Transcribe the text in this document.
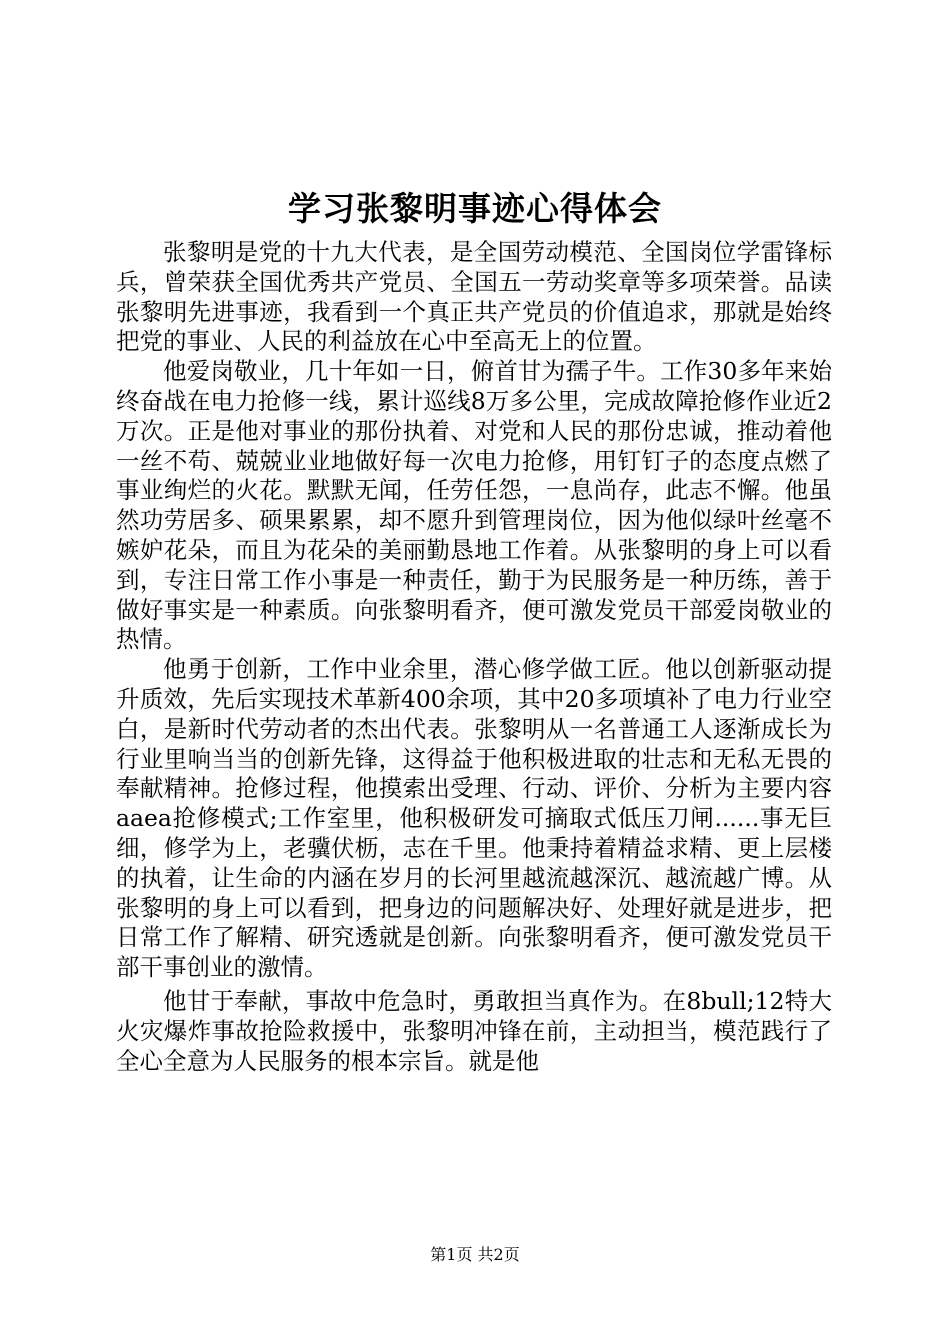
学习张黎明事迹心得体会

张黎明是党的十九大代表，是全国劳动模范、全国岗位学雷锋标兵，曾荣获全国优秀共产党员、全国五一劳动奖章等多项荣誉。品读张黎明先进事迹，我看到一个真正共产党员的价值追求，那就是始终把党的事业、人民的利益放在心中至高无上的位置。

他爱岗敬业，几十年如一日，俯首甘为孺子牛。工作30多年来始终奋战在电力抢修一线，累计巡线8万多公里，完成故障抢修作业近2万次。正是他对事业的那份执着、对党和人民的那份忠诚，推动着他一丝不苟、兢兢业业地做好每一次电力抢修，用钉钉子的态度点燃了事业绚烂的火花。默默无闻，任劳任怨，一息尚存，此志不懈。他虽然功劳居多、硕果累累，却不愿升到管理岗位，因为他似绿叶丝毫不嫉妒花朵，而且为花朵的美丽勤恳地工作着。从张黎明的身上可以看到，专注日常工作小事是一种责任，勤于为民服务是一种历练，善于做好事实是一种素质。向张黎明看齐，便可激发党员干部爱岗敬业的热情。

他勇于创新，工作中业余里，潜心修学做工匠。他以创新驱动提升质效，先后实现技术革新400余项，其中20多项填补了电力行业空白，是新时代劳动者的杰出代表。张黎明从一名普通工人逐渐成长为行业里响当当的创新先锋，这得益于他积极进取的壮志和无私无畏的奉献精神。抢修过程，他摸索出受理、行动、评价、分析为主要内容aaea抢修模式;工作室里，他积极研发可摘取式低压刀闸......事无巨细，修学为上，老骥伏枥，志在千里。他秉持着精益求精、更上层楼的执着，让生命的内涵在岁月的长河里越流越深沉、越流越广博。从张黎明的身上可以看到，把身边的问题解决好、处理好就是进步，把日常工作了解精、研究透就是创新。向张黎明看齐，便可激发党员干部干事创业的激情。

他甘于奉献，事故中危急时，勇敢担当真作为。在8bull;12特大火灾爆炸事故抢险救援中，张黎明冲锋在前，主动担当，模范践行了全心全意为人民服务的根本宗旨。就是他

第1页 共2页
